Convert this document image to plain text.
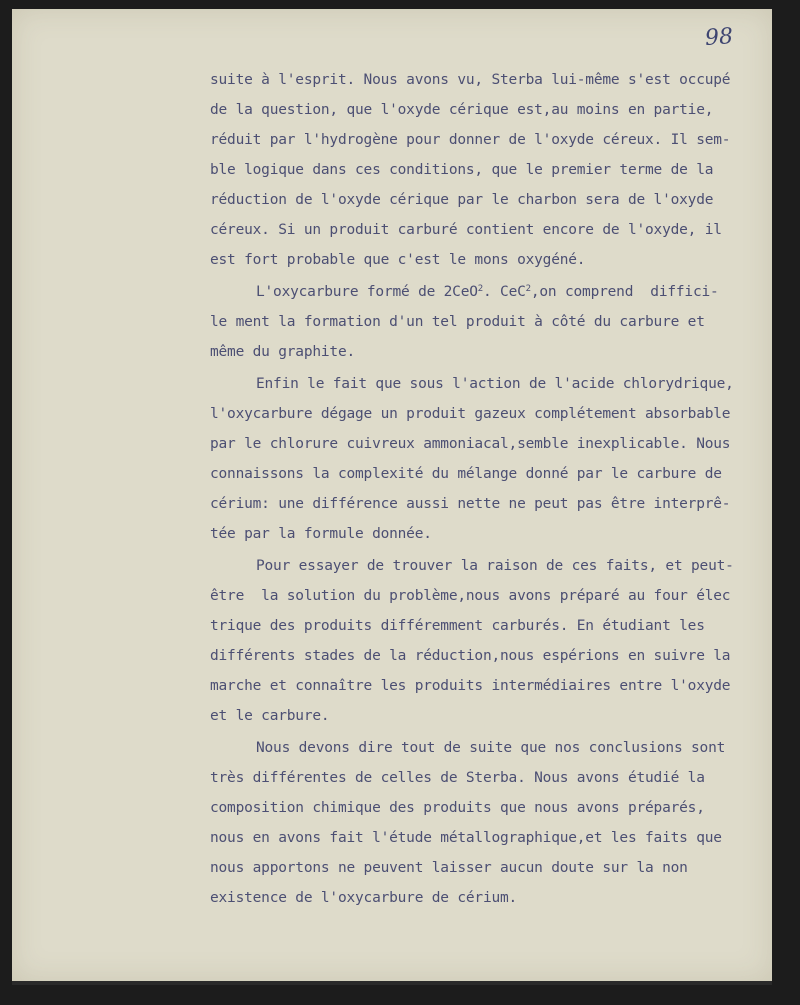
98
suite à l'esprit. Nous avons vu, Sterba lui-même s'est occupé
de la question, que l'oxyde cérique est,au moins en partie,
réduit par l'hydrogène pour donner de l'oxyde céreux. Il sem-
ble logique dans ces conditions, que le premier terme de la
réduction de l'oxyde cérique par le charbon sera de l'oxyde
céreux. Si un produit carburé contient encore de l'oxyde, il
est fort probable que c'est le mons oxygéné.
L'oxycarbure formé de 2CeO$^2$. CeC$^2$,on comprend  diffici-
le ment la formation d'un tel produit à côté du carbure et
même du graphite.
Enfin le fait que sous l'action de l'acide chlorydrique,
l'oxycarbure dégage un produit gazeux complétement absorbable
par le chlorure cuivreux ammoniacal,semble inexplicable. Nous
connaissons la complexité du mélange donné par le carbure de
cérium: une différence aussi nette ne peut pas être interprê-
tée par la formule donnée.
Pour essayer de trouver la raison de ces faits, et peut-
être  la solution du problème,nous avons préparé au four élec
trique des produits différemment carburés. En étudiant les
différents stades de la réduction,nous espérions en suivre la
marche et connaître les produits intermédiaires entre l'oxyde
et le carbure.
Nous devons dire tout de suite que nos conclusions sont
très différentes de celles de Sterba. Nous avons étudié la
composition chimique des produits que nous avons préparés,
nous en avons fait l'étude métallographique,et les faits que
nous apportons ne peuvent laisser aucun doute sur la non
existence de l'oxycarbure de cérium.
